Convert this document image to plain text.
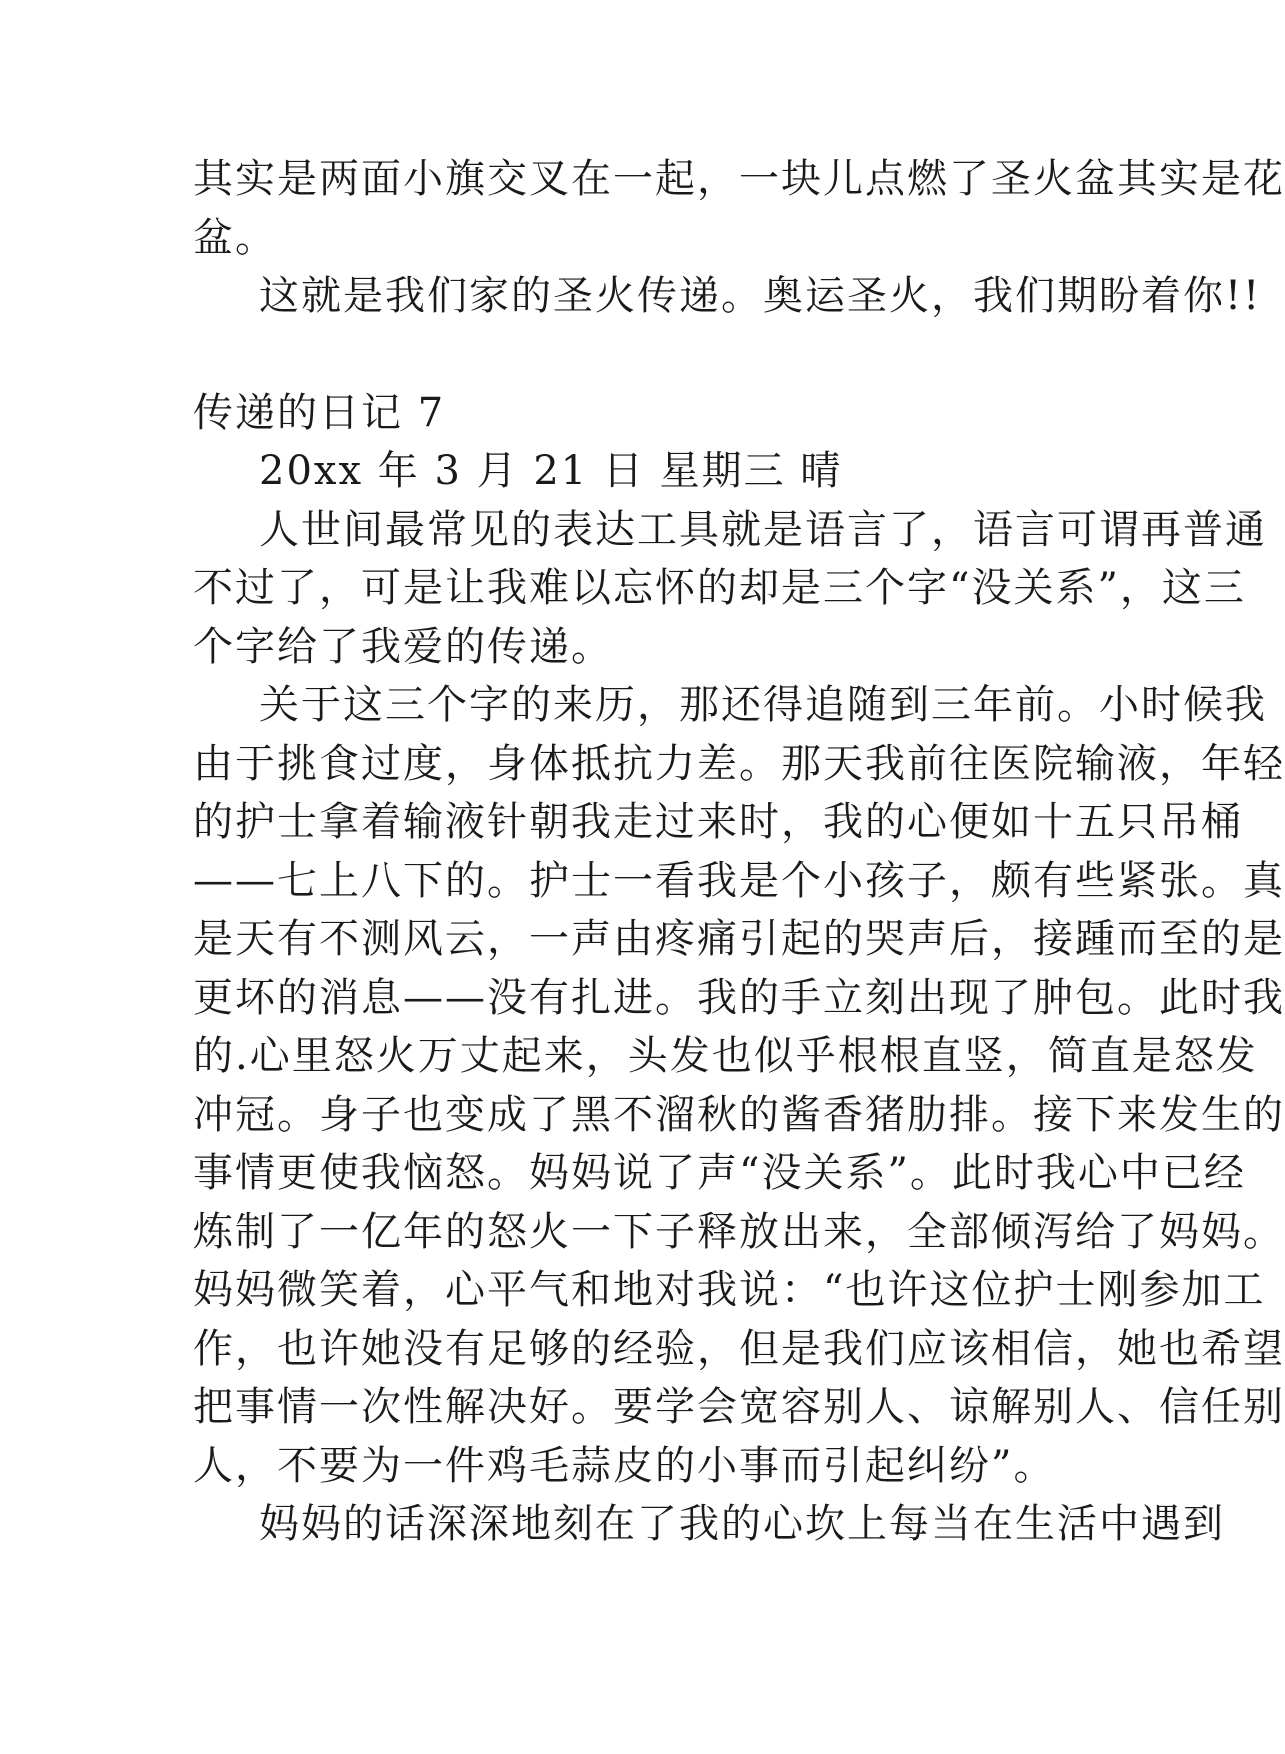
其实是两面小旗交叉在一起，一块儿点燃了圣火盆其实是花
盆。
这就是我们家的圣火传递。奥运圣火，我们期盼着你!!
传递的日记 7
20xx 年 3 月 21 日 星期三 晴
人世间最常见的表达工具就是语言了，语言可谓再普通
不过了，可是让我难以忘怀的却是三个字“没关系”，这三
个字给了我爱的传递。
关于这三个字的来历，那还得追随到三年前。小时候我
由于挑食过度，身体抵抗力差。那天我前往医院输液，年轻
的护士拿着输液针朝我走过来时，我的心便如十五只吊桶
——七上八下的。护士一看我是个小孩子，颇有些紧张。真
是天有不测风云，一声由疼痛引起的哭声后，接踵而至的是
更坏的消息——没有扎进。我的手立刻出现了肿包。此时我
的.心里怒火万丈起来，头发也似乎根根直竖，简直是怒发
冲冠。身子也变成了黑不溜秋的酱香猪肋排。接下来发生的
事情更使我恼怒。妈妈说了声“没关系”。此时我心中已经
炼制了一亿年的怒火一下子释放出来，全部倾泻给了妈妈。
妈妈微笑着，心平气和地对我说：“也许这位护士刚参加工
作，也许她没有足够的经验，但是我们应该相信，她也希望
把事情一次性解决好。要学会宽容别人、谅解别人、信任别
人，不要为一件鸡毛蒜皮的小事而引起纠纷”。
妈妈的话深深地刻在了我的心坎上每当在生活中遇到
